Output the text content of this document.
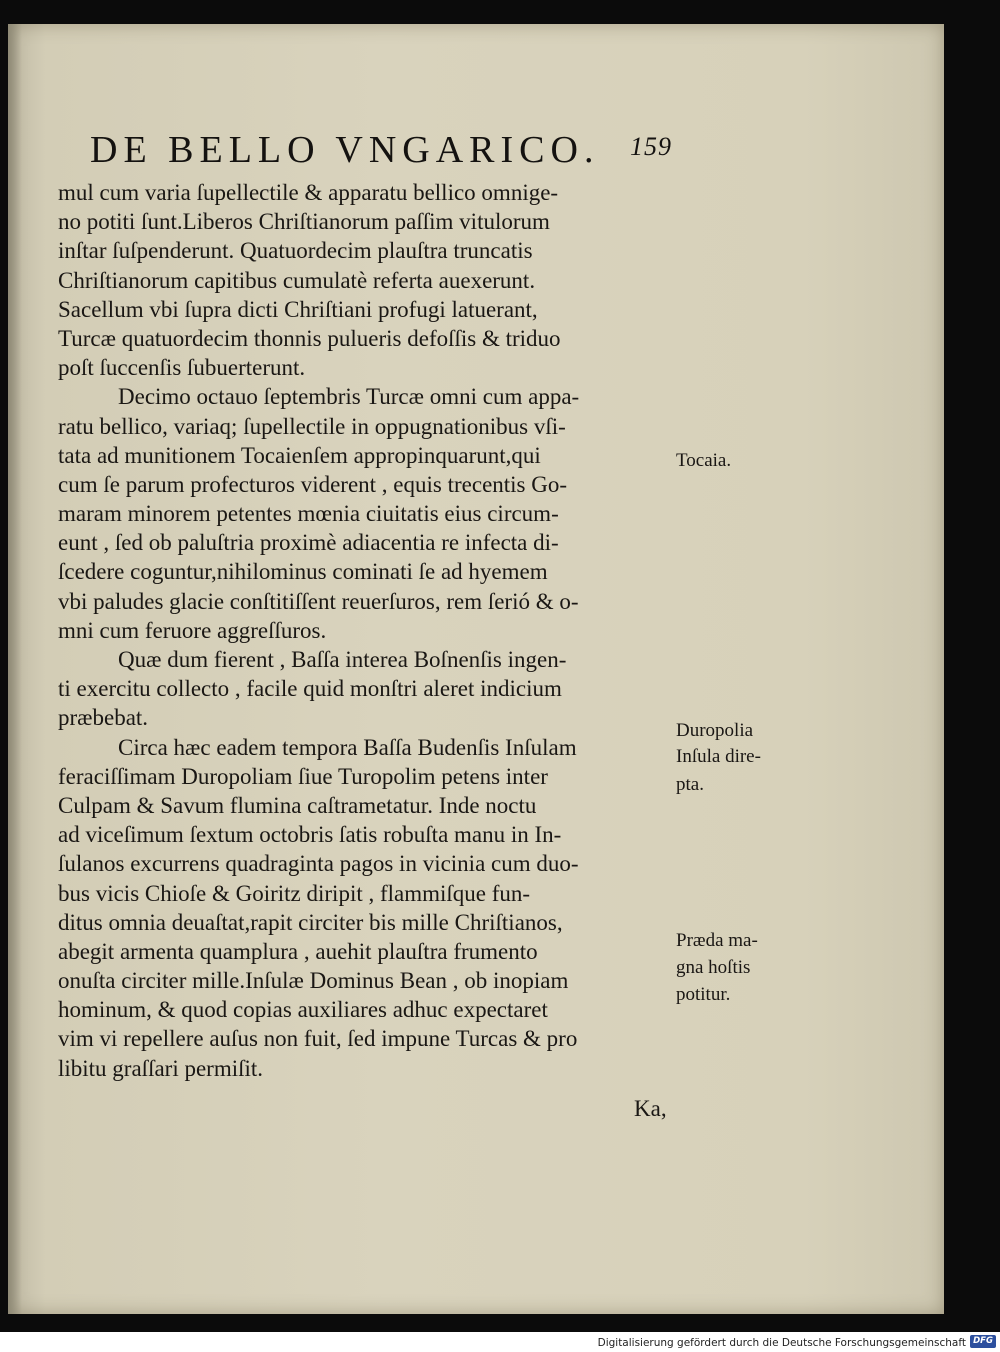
DE BELLO VNGARICO. 159
mul cum varia ſupellectile & apparatu bellico omnige-
no potiti ſunt.Liberos Chriſtianorum paſſim vitulorum
inſtar ſuſpenderunt. Quatuordecim plauſtra truncatis
Chriſtianorum capitibus cumulatè referta auexerunt.
Sacellum vbi ſupra dicti Chriſtiani profugi latuerant,
Turcæ quatuordecim thonnis pulueris defoſſis & triduo
poſt ſuccenſis ſubuerterunt.
Decimo octauo ſeptembris Turcæ omni cum appa-
ratu bellico, variaq; ſupellectile in oppugnationibus vſi-
tata ad munitionem Tocaienſem appropinquarunt,qui
cum ſe parum profecturos viderent , equis trecentis Go-
maram minorem petentes mœnia ciuitatis eius circum-
eunt , ſed ob paluſtria proximè adiacentia re infecta di-
ſcedere coguntur,nihilominus cominati ſe ad hyemem
vbi paludes glacie conſtitiſſent reuerſuros, rem ſerió & o-
mni cum feruore aggreſſuros.
Quæ dum fierent , Baſſa interea Boſnenſis ingen-
ti exercitu collecto , facile quid monſtri aleret indicium
præbebat.
Circa hæc eadem tempora Baſſa Budenſis Inſulam
feraciſſimam Duropoliam ſiue Turopolim petens inter
Culpam & Savum flumina caſtrametatur. Inde noctu
ad viceſimum ſextum octobris ſatis robuſta manu in In-
ſulanos excurrens quadraginta pagos in vicinia cum duo-
bus vicis Chioſe & Goiritz diripit , flammiſque fun-
ditus omnia deuaſtat,rapit circiter bis mille Chriſtianos,
abegit armenta quamplura , auehit plauſtra frumento
onuſta circiter mille.Inſulæ Dominus Bean , ob inopiam
hominum, & quod copias auxiliares adhuc expectaret
vim vi repellere auſus non fuit, ſed impune Turcas & pro
libitu graſſari permiſit.
Tocaia.
Duropolia
Inſula dire-
pta.
Præda ma-
gna hoſtis
potitur.
Ka,
Digitalisierung gefördert durch die Deutsche Forschungsgemeinschaft DFG
